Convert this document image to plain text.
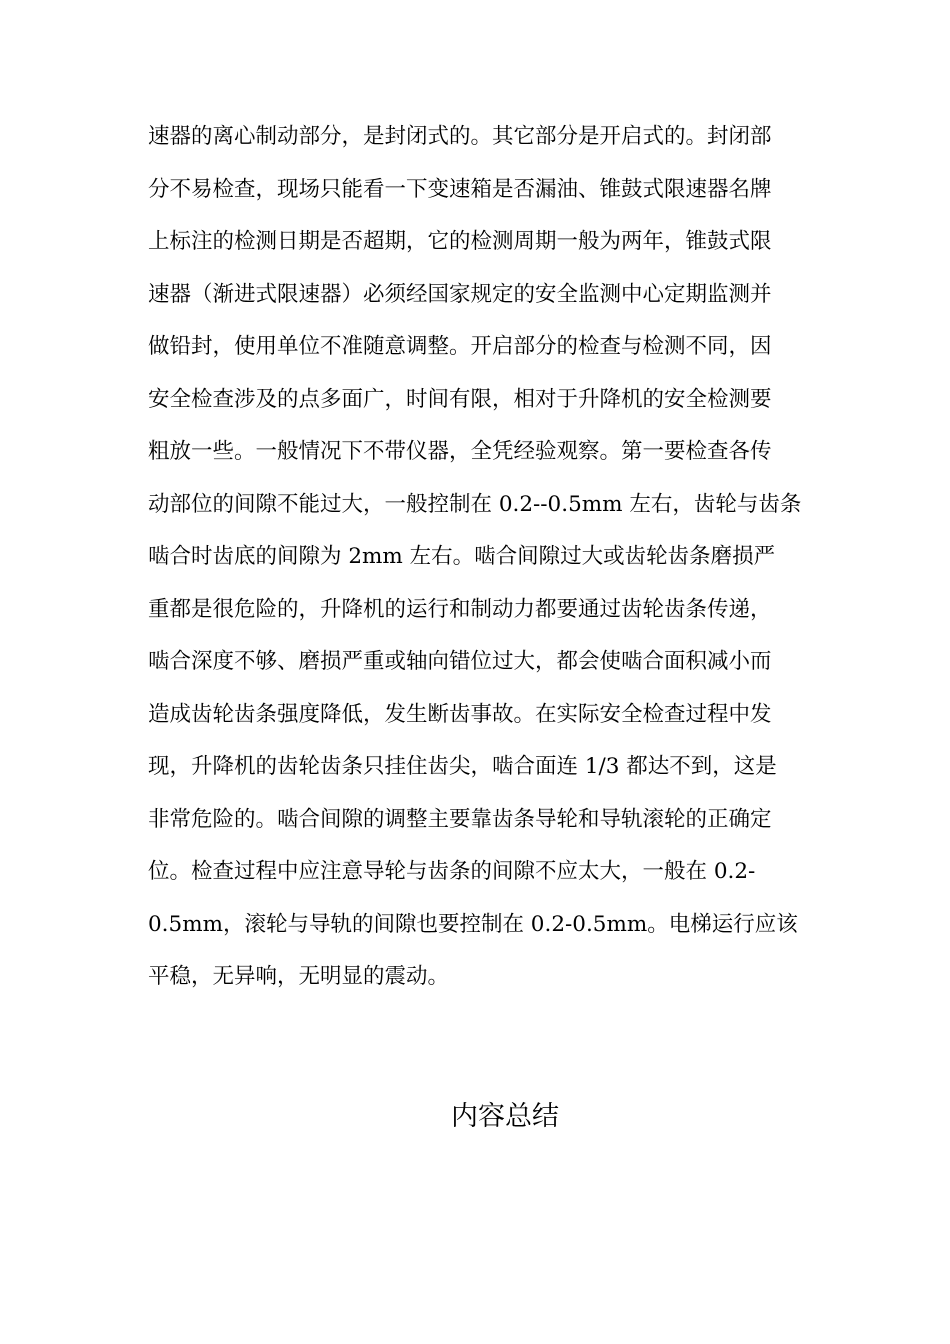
速器的离心制动部分，是封闭式的。其它部分是开启式的。封闭部
分不易检查，现场只能看一下变速箱是否漏油、锥鼓式限速器名牌
上标注的检测日期是否超期，它的检测周期一般为两年，锥鼓式限
速器（渐进式限速器）必须经国家规定的安全监测中心定期监测并
做铅封，使用单位不准随意调整。开启部分的检查与检测不同，因
安全检查涉及的点多面广，时间有限，相对于升降机的安全检测要
粗放一些。一般情况下不带仪器，全凭经验观察。第一要检查各传
动部位的间隙不能过大，一般控制在 0.2--0.5mm 左右，齿轮与齿条
啮合时齿底的间隙为 2mm 左右。啮合间隙过大或齿轮齿条磨损严
重都是很危险的，升降机的运行和制动力都要通过齿轮齿条传递，
啮合深度不够、磨损严重或轴向错位过大，都会使啮合面积减小而
造成齿轮齿条强度降低，发生断齿事故。在实际安全检查过程中发
现，升降机的齿轮齿条只挂住齿尖，啮合面连 1/3 都达不到，这是
非常危险的。啮合间隙的调整主要靠齿条导轮和导轨滚轮的正确定
位。检查过程中应注意导轮与齿条的间隙不应太大，一般在 0.2-
0.5mm，滚轮与导轨的间隙也要控制在 0.2-0.5mm。电梯运行应该
平稳，无异响，无明显的震动。
内容总结
